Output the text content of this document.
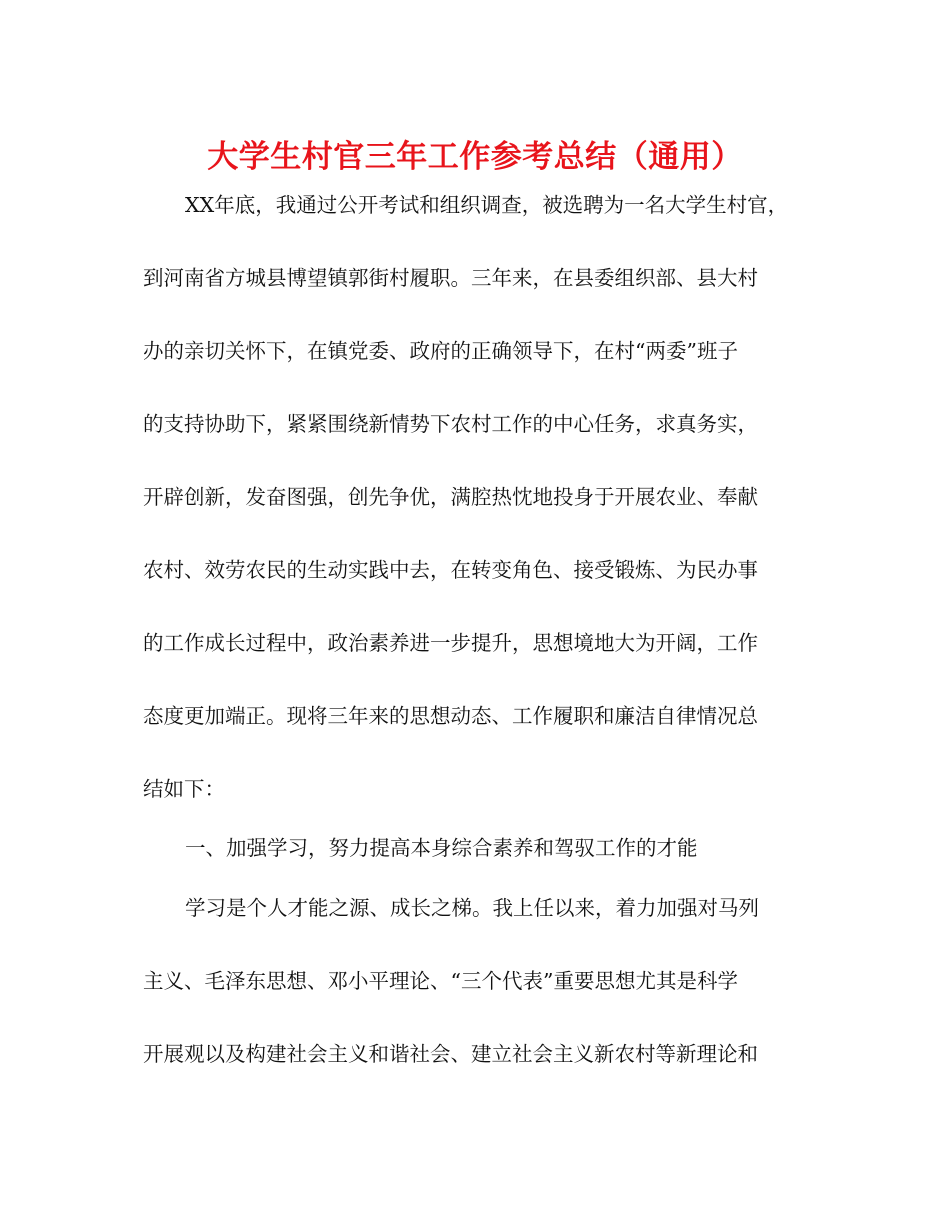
大学生村官三年工作参考总结（通用）
XX年底，我通过公开考试和组织调查，被选聘为一名大学生村官，
到河南省方城县博望镇郭街村履职。三年来，在县委组织部、县大村
办的亲切关怀下，在镇党委、政府的正确领导下，在村“两委”班子
的支持协助下，紧紧围绕新情势下农村工作的中心任务，求真务实，
开辟创新，发奋图强，创先争优，满腔热忱地投身于开展农业、奉献
农村、效劳农民的生动实践中去，在转变角色、接受锻炼、为民办事
的工作成长过程中，政治素养进一步提升，思想境地大为开阔，工作
态度更加端正。现将三年来的思想动态、工作履职和廉洁自律情况总
结如下：
一、加强学习，努力提高本身综合素养和驾驭工作的才能
学习是个人才能之源、成长之梯。我上任以来，着力加强对马列
主义、毛泽东思想、邓小平理论、“三个代表”重要思想尤其是科学
开展观以及构建社会主义和谐社会、建立社会主义新农村等新理论和
